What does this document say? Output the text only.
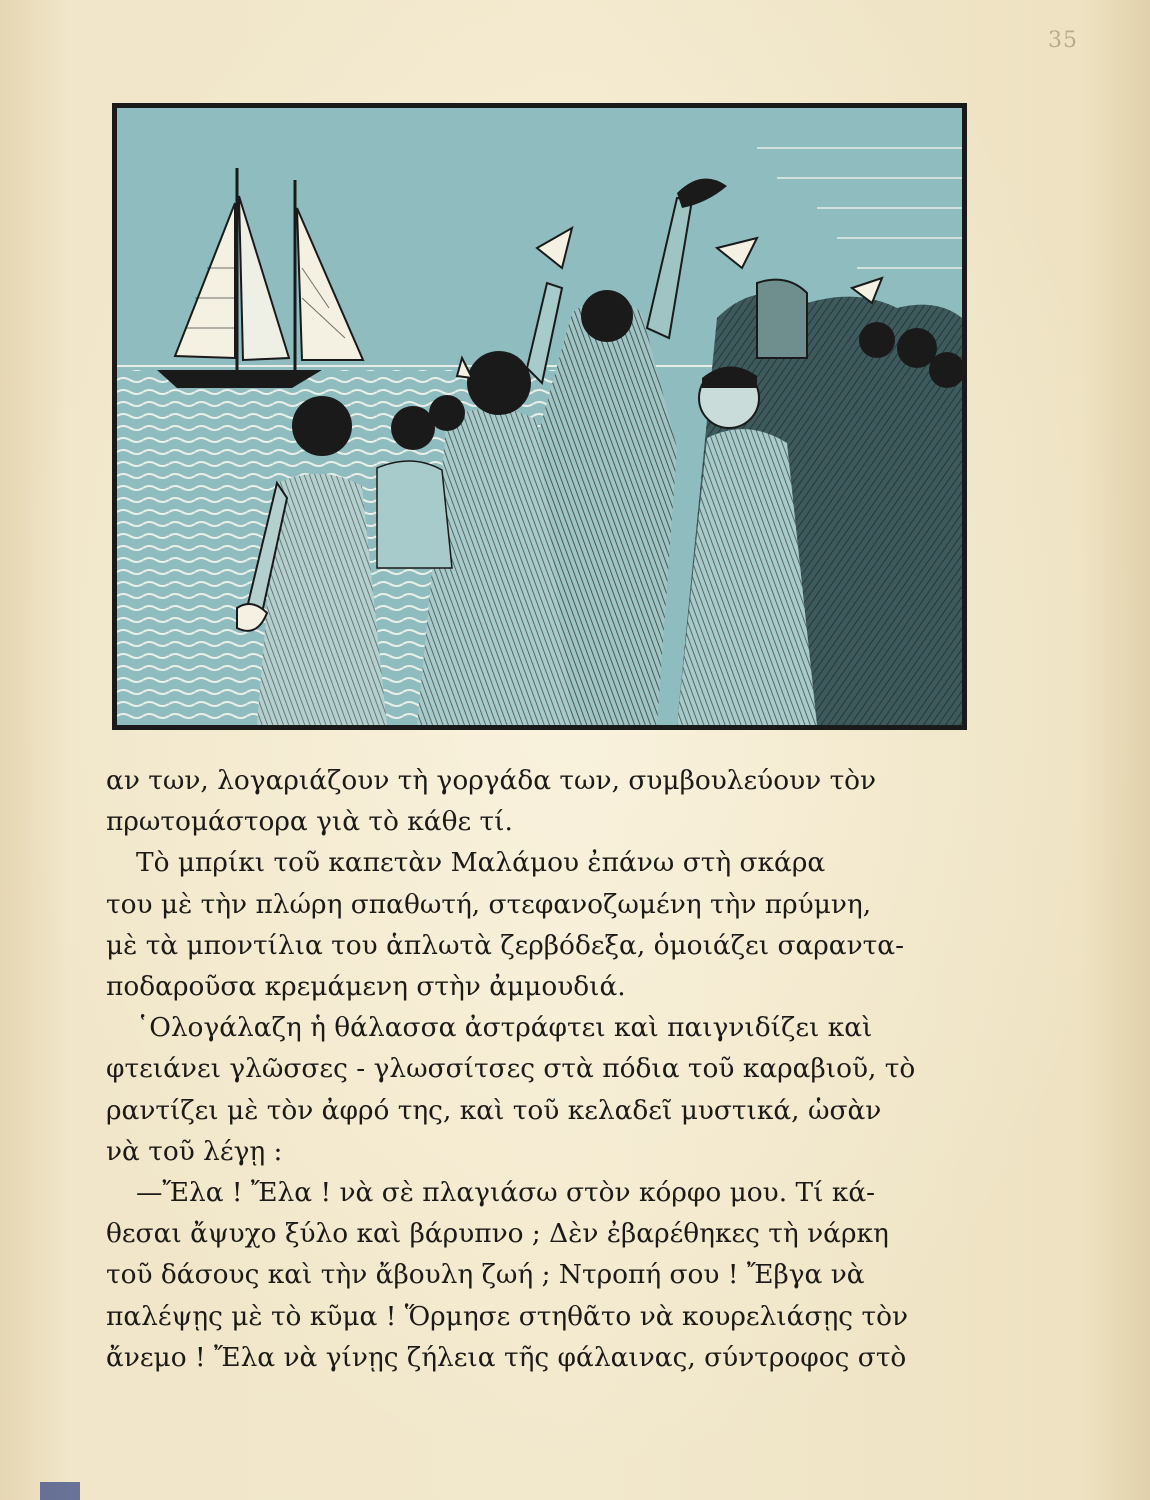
35
αν των, λογαριάζουν τὴ γοργάδα των, συμβουλεύουν τὸν
πρωτομάστορα γιὰ τὸ κάθε τί.
Τὸ μπρίκι τοῦ καπετὰν Μαλάμου ἐπάνω στὴ σκάρα
του μὲ τὴν πλώρη σπαθωτή, στεφανοζωμένη τὴν πρύμνη,
μὲ τὰ μποντίλια του ἁπλωτὰ ζερβόδεξα, ὁμοιάζει σαραντα-
ποδαροῦσα κρεμάμενη στὴν ἀμμουδιά.
῾Ολογάλαζη ἡ θάλασσα ἀστράφτει καὶ παιγνιδίζει καὶ
φτειάνει γλῶσσες - γλωσσίτσες στὰ πόδια τοῦ καραβιοῦ, τὸ
ραντίζει μὲ τὸν ἀφρό της, καὶ τοῦ κελαδεῖ μυστικά, ὡσὰν
νὰ τοῦ λέγῃ :
—Ἔλα ! Ἔλα ! νὰ σὲ πλαγιάσω στὸν κόρφο μου. Τί κά-
θεσαι ἄψυχο ξύλο καὶ βάρυπνο ; Δὲν ἐβαρέθηκες τὴ νάρκη
τοῦ δάσους καὶ τὴν ἄβουλη ζωή ; Ντροπή σου ! Ἔβγα νὰ
παλέψῃς μὲ τὸ κῦμα ! Ὅρμησε στηθᾶτο νὰ κουρελιάσῃς τὸν
ἄνεμο ! Ἔλα νὰ γίνῃς ζήλεια τῆς φάλαινας, σύντροφος στὸ
